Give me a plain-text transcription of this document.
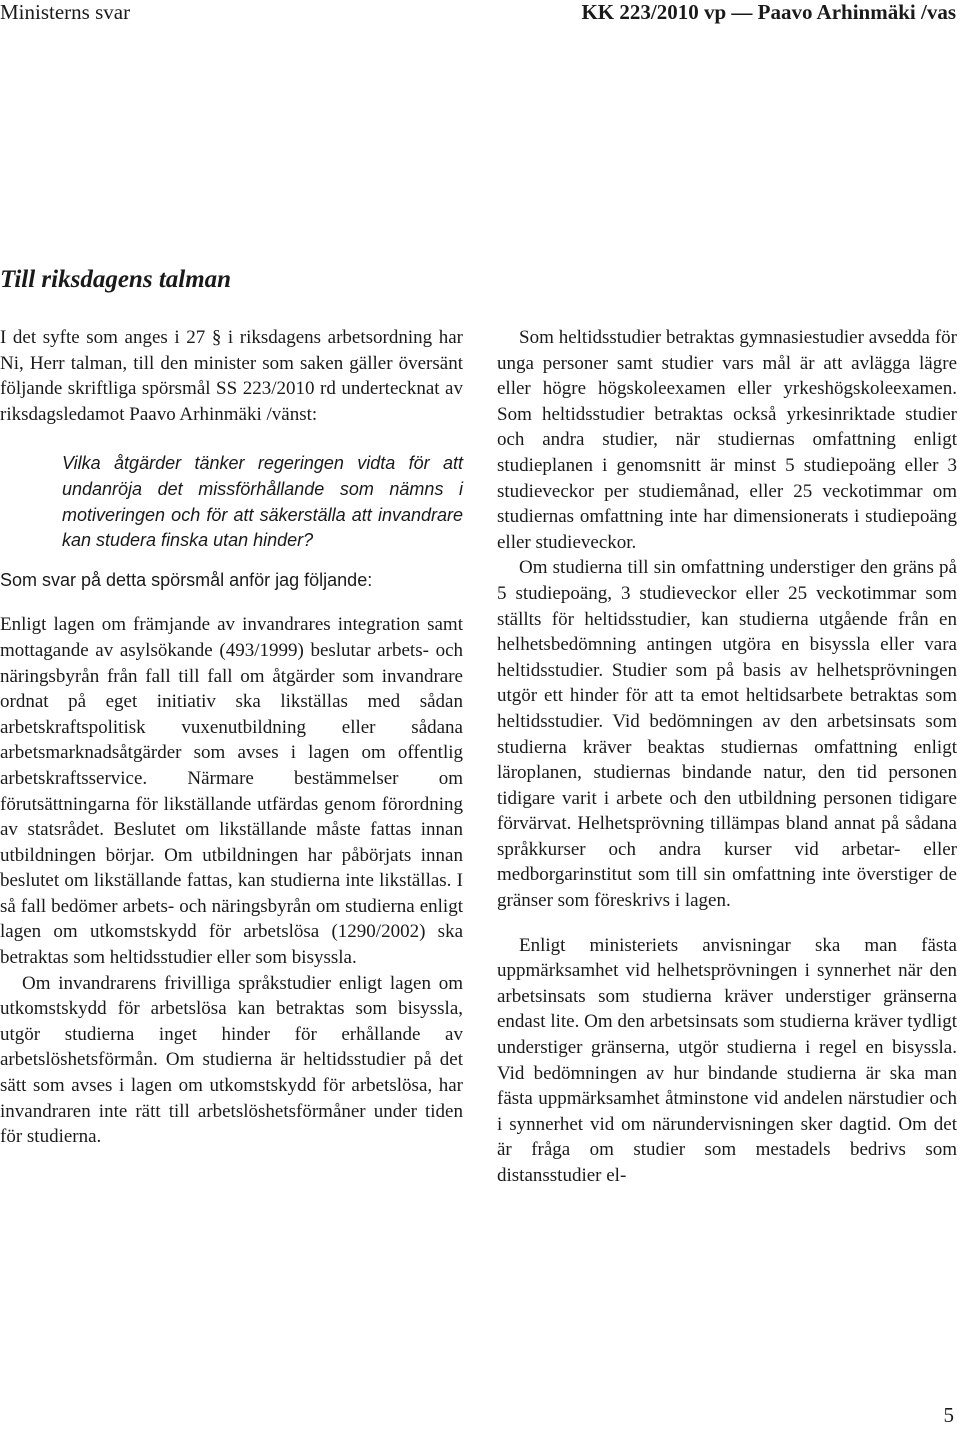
Ministerns svar	KK 223/2010 vp — Paavo Arhinmäki /vas
Till riksdagens talman

I det syfte som anges i 27 § i riksdagens arbetsordning har Ni, Herr talman, till den minister som saken gäller översänt följande skriftliga spörsmål SS 223/2010 rd undertecknat av riksdagsledamot Paavo Arhinmäki /vänst:

Vilka åtgärder tänker regeringen vidta för att undanröja det missförhållande som nämns i motiveringen och för att säkerställa att invandrare kan studera finska utan hinder?

Som svar på detta spörsmål anför jag följande:

Enligt lagen om främjande av invandrares integration samt mottagande av asylsökande (493/1999) beslutar arbets- och näringsbyrån från fall till fall om åtgärder som invandrare ordnat på eget initiativ ska likställas med sådan arbetskraftspolitisk vuxenutbildning eller sådana arbetsmarknadsåtgärder som avses i lagen om offentlig arbetskraftsservice. Närmare bestämmelser om förutsättningarna för likställande utfärdas genom förordning av statsrådet. Beslutet om likställande måste fattas innan utbildningen börjar. Om utbildningen har påbörjats innan beslutet om likställande fattas, kan studierna inte likställas. I så fall bedömer arbets- och näringsbyrån om studierna enligt lagen om utkomstskydd för arbetslösa (1290/2002) ska betraktas som heltidsstudier eller som bisyssla.

Om invandrarens frivilliga språkstudier enligt lagen om utkomstskydd för arbetslösa kan betraktas som bisyssla, utgör studierna inget hinder för erhållande av arbetslöshetsförmån. Om studierna är heltidsstudier på det sätt som avses i lagen om utkomstskydd för arbetslösa, har invandraren inte rätt till arbetslöshetsförmåner under tiden för studierna.

Som heltidsstudier betraktas gymnasiestudier avsedda för unga personer samt studier vars mål är att avlägga lägre eller högre högskoleexamen eller yrkeshögskoleexamen. Som heltidsstudier betraktas också yrkesinriktade studier och andra studier, när studiernas omfattning enligt studieplanen i genomsnitt är minst 5 studiepoäng eller 3 studieveckor per studiemånad, eller 25 veckotimmar om studiernas omfattning inte har dimensionerats i studiepoäng eller studieveckor.

Om studierna till sin omfattning understiger den gräns på 5 studiepoäng, 3 studieveckor eller 25 veckotimmar som ställts för heltidsstudier, kan studierna utgående från en helhetsbedömning antingen utgöra en bisyssla eller vara heltidsstudier. Studier som på basis av helhetsprövningen utgör ett hinder för att ta emot heltidsarbete betraktas som heltidsstudier. Vid bedömningen av den arbetsinsats som studierna kräver beaktas studiernas omfattning enligt läroplanen, studiernas bindande natur, den tid personen tidigare varit i arbete och den utbildning personen tidigare förvärvat. Helhetsprövning tillämpas bland annat på sådana språkkurser och andra kurser vid arbetar- eller medborgarinstitut som till sin omfattning inte överstiger de gränser som föreskrivs i lagen.

Enligt ministeriets anvisningar ska man fästa uppmärksamhet vid helhetsprövningen i synnerhet när den arbetsinsats som studierna kräver understiger gränserna endast lite. Om den arbetsinsats som studierna kräver tydligt understiger gränserna, utgör studierna i regel en bisyssla. Vid bedömningen av hur bindande studierna är ska man fästa uppmärksamhet åtminstone vid andelen närstudier och i synnerhet vid om närundervisningen sker dagtid. Om det är fråga om studier som mestadels bedrivs som distansstudier el-

5
